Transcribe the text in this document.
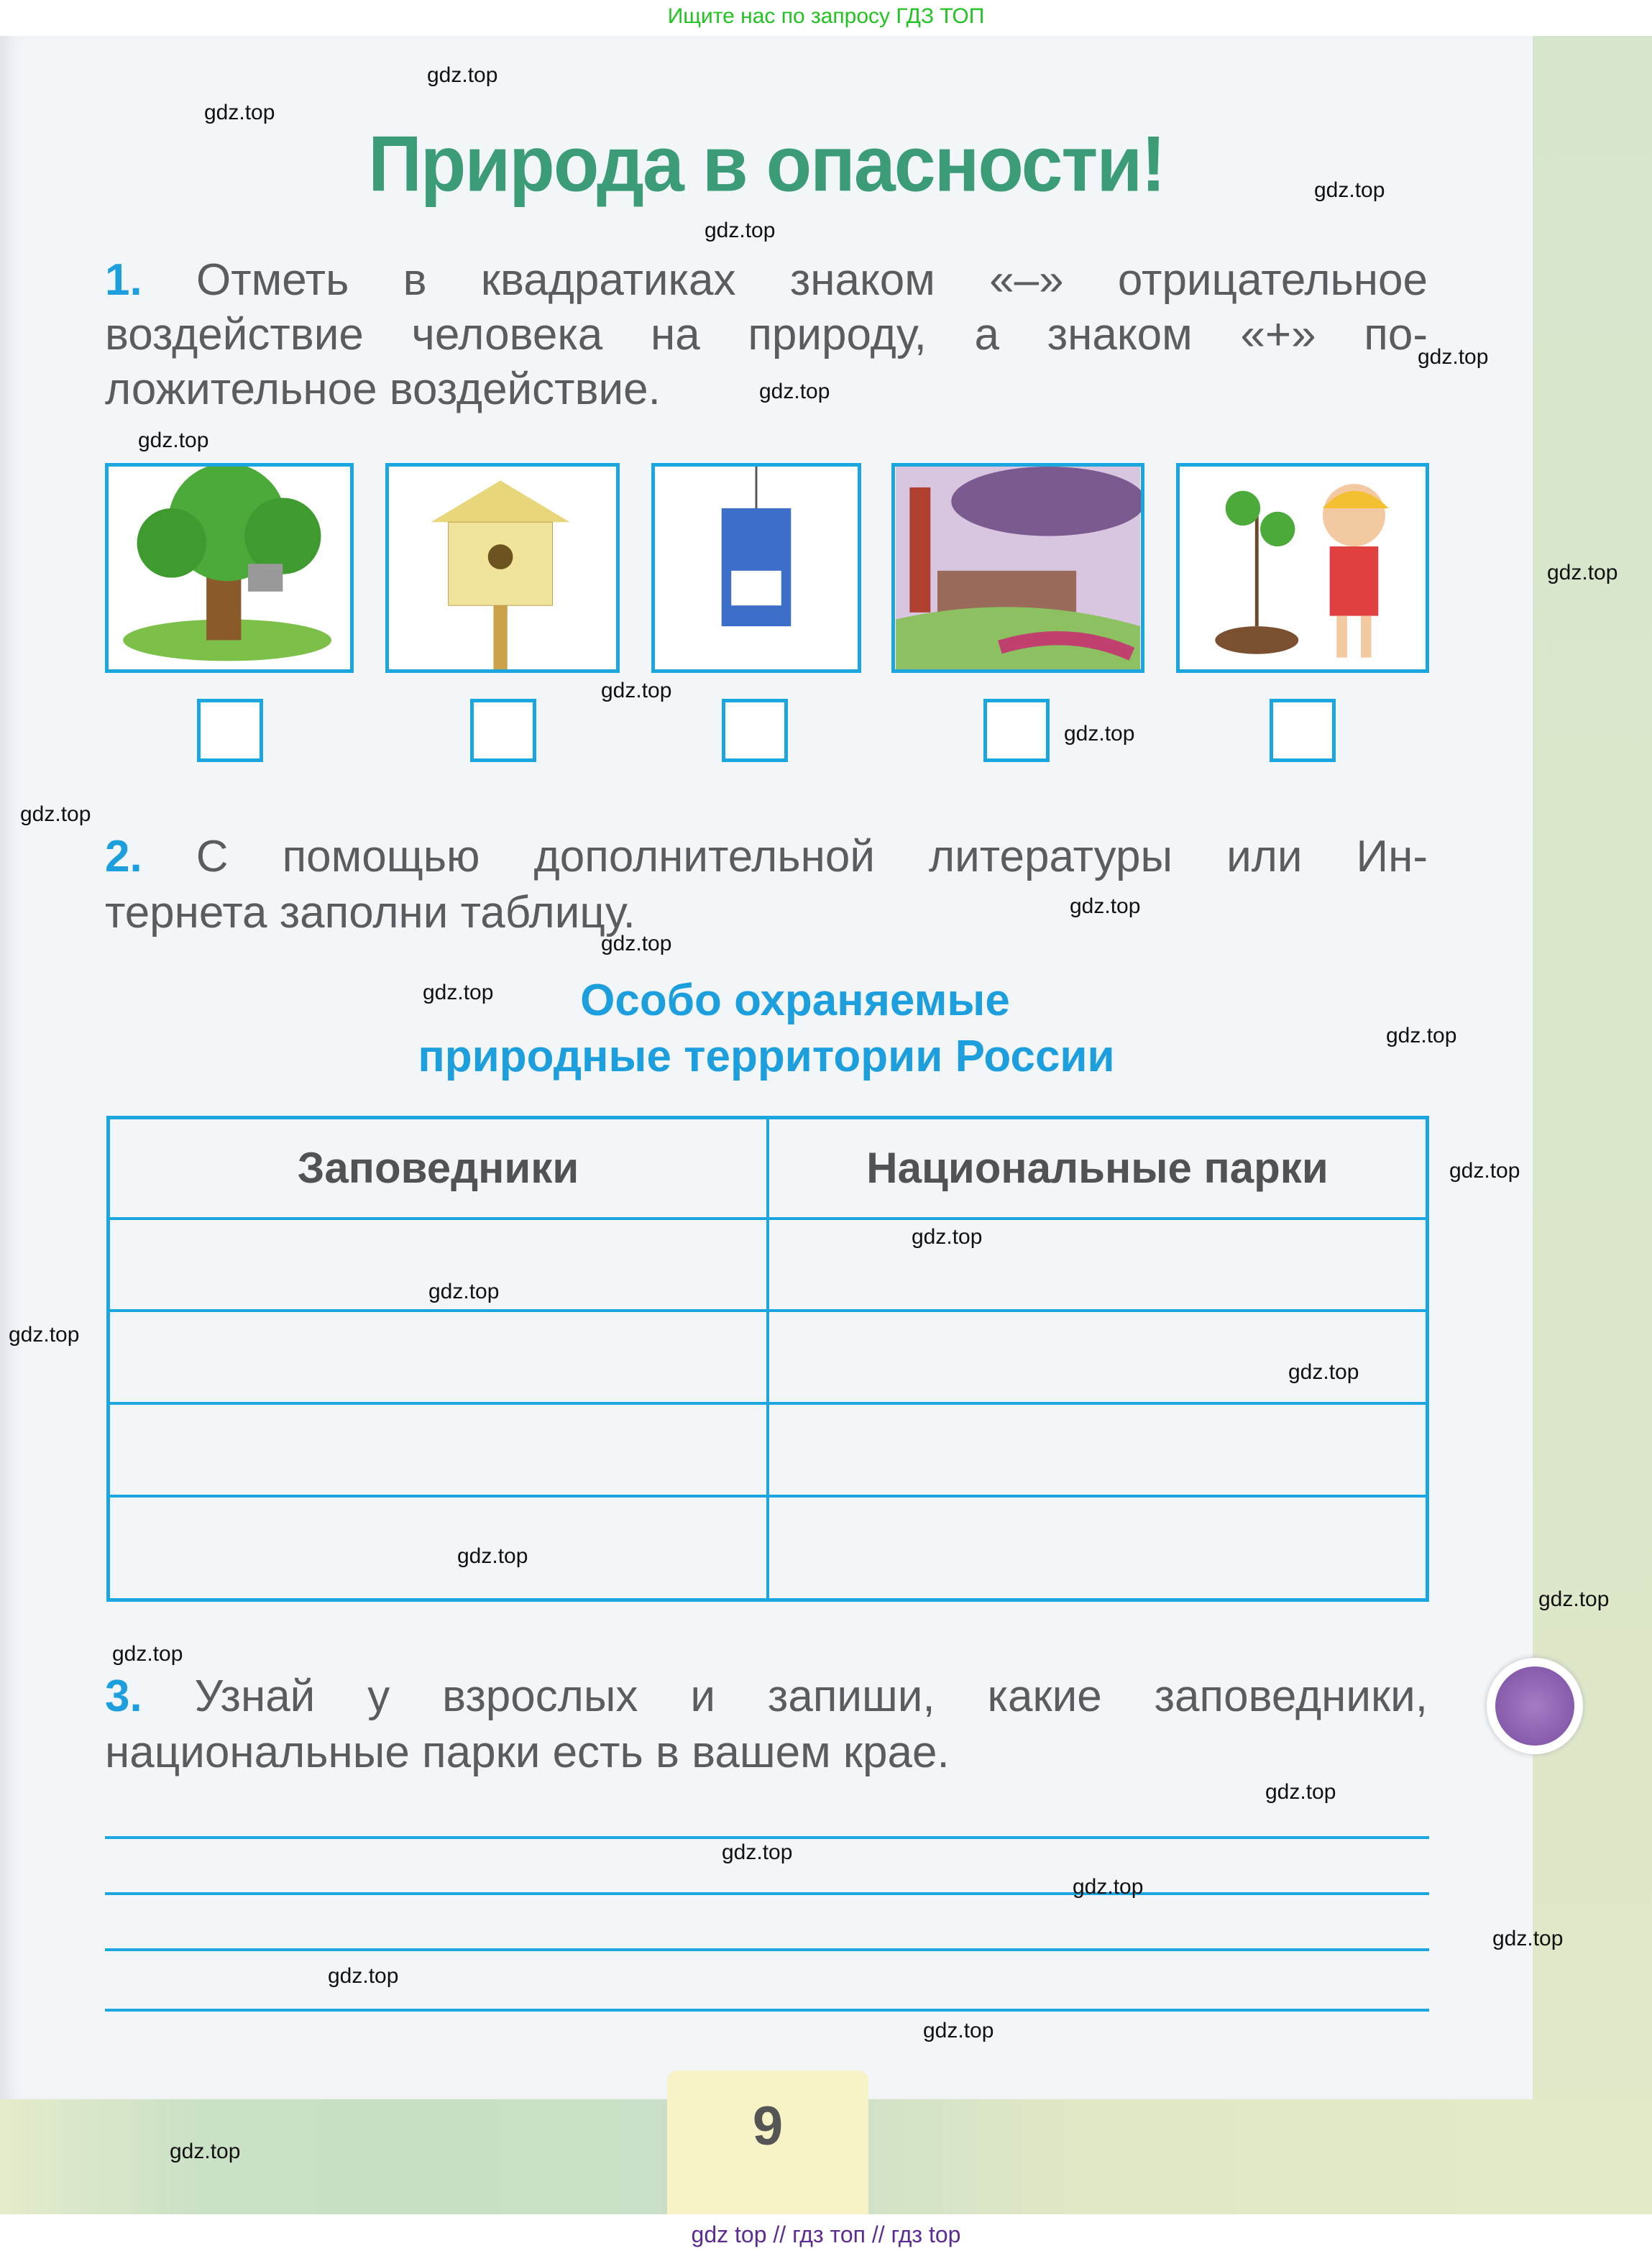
Ищите нас по запросу ГДЗ ТОП
Природа в опасности!
1. Отметь в квадратиках знаком «–» отрицательное
воздействие человека на природу, а знаком «+» по-
ложительное воздействие.
2. С помощью дополнительной литературы или Ин-
тернета заполни таблицу.
Особо охраняемые
природные территории России
Заповедники	Национальные парки

3. Узнай у взрослых и запиши, какие заповедники,
национальные парки есть в вашем крае.
9
gdz.top
gdz.top
gdz.top
gdz.top
gdz.top
gdz.top
gdz.top
gdz.top
gdz.top
gdz.top
gdz.top
gdz.top
gdz.top
gdz.top
gdz.top
gdz.top
gdz.top
gdz.top
gdz.top
gdz.top
gdz.top
gdz.top
gdz.top
gdz.top
gdz.top
gdz.top
gdz.top
gdz.top
gdz.top
gdz.top
gdz top // гдз топ // гдз top
